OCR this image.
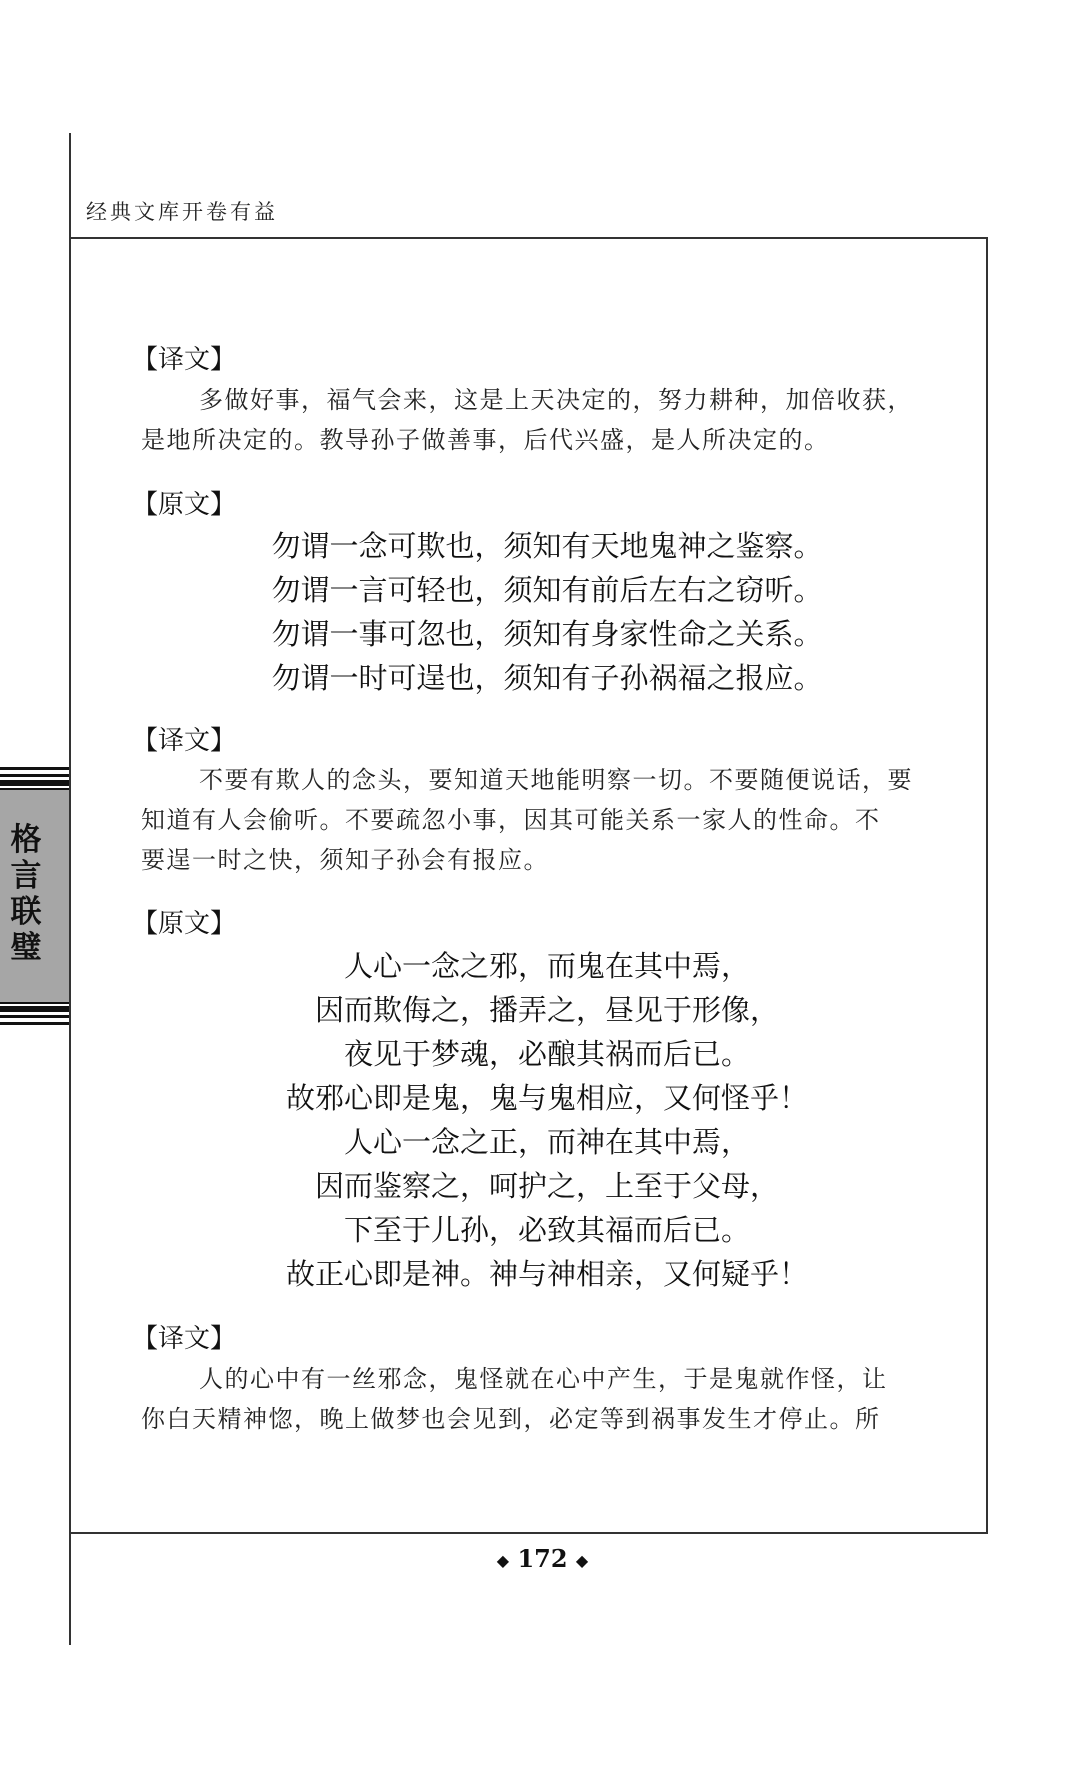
经典文库开卷有益
格
言
联
璧
【译文】
多做好事，福气会来，这是上天决定的，努力耕种，加倍收获，
是地所决定的。教导孙子做善事，后代兴盛，是人所决定的。
【原文】
勿谓一念可欺也，须知有天地鬼神之鉴察。
勿谓一言可轻也，须知有前后左右之窃听。
勿谓一事可忽也，须知有身家性命之关系。
勿谓一时可逞也，须知有子孙祸福之报应。
【译文】
不要有欺人的念头，要知道天地能明察一切。不要随便说话，要
知道有人会偷听。不要疏忽小事，因其可能关系一家人的性命。不
要逞一时之快，须知子孙会有报应。
【原文】
人心一念之邪，而鬼在其中焉，
因而欺侮之，播弄之，昼见于形像，
夜见于梦魂，必酿其祸而后已。
故邪心即是鬼，鬼与鬼相应，又何怪乎！
人心一念之正，而神在其中焉，
因而鉴察之，呵护之，上至于父母，
下至于儿孙，必致其福而后已。
故正心即是神。神与神相亲，又何疑乎！
【译文】
人的心中有一丝邪念，鬼怪就在心中产生，于是鬼就作怪，让
你白天精神惚，晚上做梦也会见到，必定等到祸事发生才停止。所
◆ 172 ◆
